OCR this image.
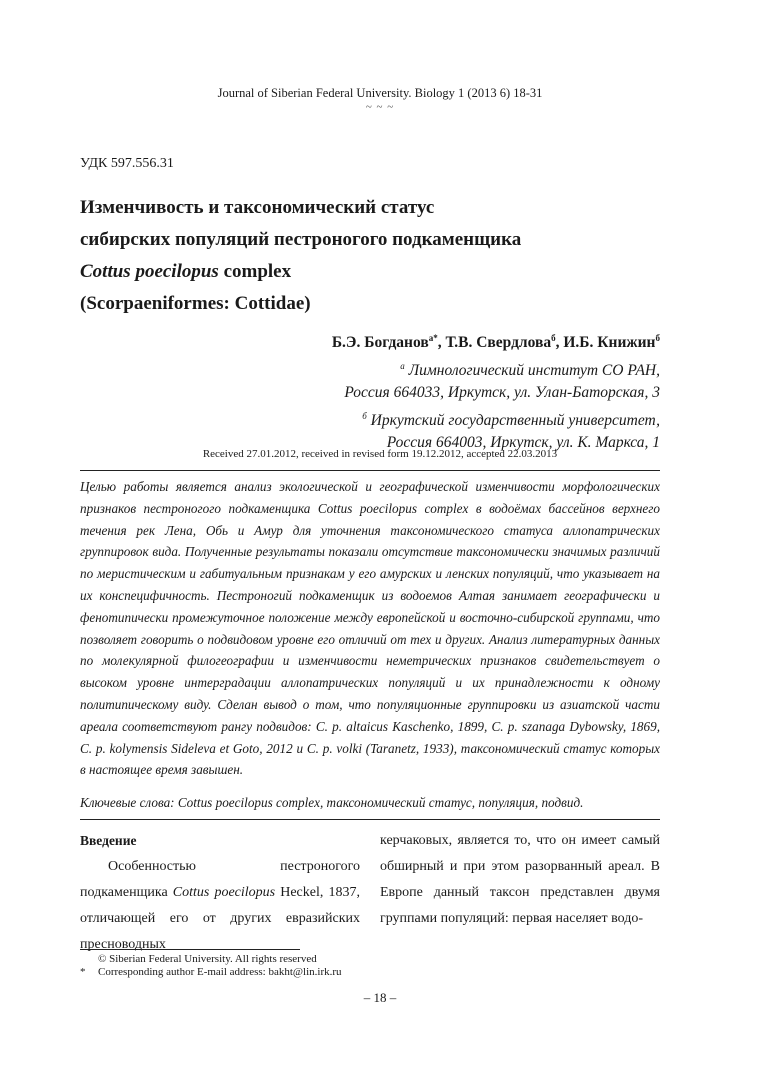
Journal of Siberian Federal University. Biology 1 (2013 6) 18-31
~ ~ ~
УДК 597.556.31
Изменчивость и таксономический статус
сибирских популяций пестроногого подкаменщика
Cottus poecilopus complex
(Scorpaeniformes: Cottidae)
Б.Э. Богданов$^{а*}$, Т.В. Свердлова$^б$, И.Б. Книжин$^б$
$^а$ Лимнологический институт СО РАН,
Россия 664033, Иркутск, ул. Улан-Баторская, 3
$^б$ Иркутский государственный университет,
Россия 664003, Иркутск, ул. К. Маркса, 1
Received 27.01.2012, received in revised form 19.12.2012, accepted 22.03.2013

Целью работы является анализ экологической и географической изменчивости морфологических признаков пестроногого подкаменщика Cottus poecilopus complex в водоёмах бассейнов верхнего течения рек Лена, Обь и Амур для уточнения таксономического статуса аллопатрических группировок вида. Полученные результаты показали отсутствие таксономически значимых различий по меристическим и габитуальным признакам у его амурских и ленских популяций, что указывает на их конспецифичность. Пестроногий подкаменщик из водоемов Алтая занимает географически и фенотипически промежуточное положение между европейской и восточно-сибирской группами, что позволяет говорить о подвидовом уровне его отличий от тех и других. Анализ литературных данных по молекулярной филогеографии и изменчивости неметрических признаков свидетельствует о высоком уровне интерградации аллопатрических популяций и их принадлежности к одному политипическому виду. Сделан вывод о том, что популяционные группировки из азиатской части ареала соответствуют рангу подвидов: C. p. altaicus Kaschenko, 1899, C. p. szanaga Dybowsky, 1869, C. p. kolymensis Sideleva et Goto, 2012 и C. p. volki (Taranetz, 1933), таксономический статус которых в настоящее время завышен.

Ключевые слова: Cottus poecilopus complex, таксономический статус, популяция, подвид.
Введение

Особенностью пестроногого подкаменщика Cottus poecilopus Heckel, 1837, отличающей его от других евразийских пресноводных

керчаковых, является то, что он имеет самый обширный и при этом разорванный ареал. В Европе данный таксон представлен двумя группами популяций: первая населяет водо-

© Siberian Federal University. All rights reserved
* Corresponding author E-mail address: bakht@lin.irk.ru
– 18 –
